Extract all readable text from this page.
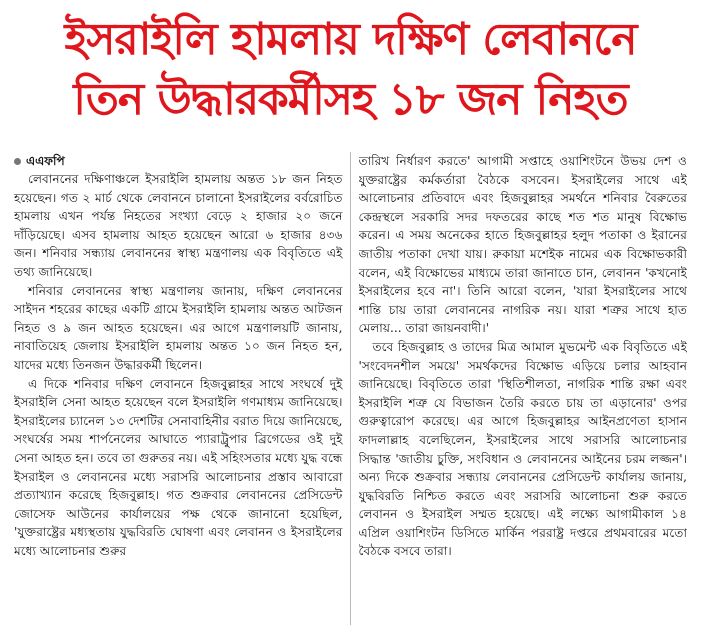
ইসরাইলি হামলায় দক্ষিণ লেবাননে
তিন উদ্ধারকর্মীসহ ১৮ জন নিহত
এএফপি

লেবাননের দক্ষিণাঞ্চলে ইসরাইলি হামলায় অন্তত ১৮ জন নিহত হয়েছেন। গত ২ মার্চ থেকে লেবাননে চালানো ইসরাইলের বর্বরোচিত হামলায় এখন পর্যন্ত নিহতের সংখ্যা বেড়ে ২ হাজার ২০ জনে দাঁড়িয়েছে। এসব হামলায় আহত হয়েছেন আরো ৬ হাজার ৪৩৬ জন। শনিবার সন্ধ্যায় লেবাননের স্বাস্থ্য মন্ত্রণালয় এক বিবৃতিতে এই তথ্য জানিয়েছে।

শনিবার লেবাননের স্বাস্থ্য মন্ত্রণালয় জানায়, দক্ষিণ লেবাননের সাইদন শহরের কাছের একটি গ্রামে ইসরাইলি হামলায় অন্তত আটজন নিহত ও ৯ জন আহত হয়েছেন। এর আগে মন্ত্রণালয়টি জানায়, নাবাতিয়েহ জেলায় ইসরাইলি হামলায় অন্তত ১০ জন নিহত হন, যাদের মধ্যে তিনজন উদ্ধারকর্মী ছিলেন।

এ দিকে শনিবার দক্ষিণ লেবাননে হিজবুল্লাহর সাথে সংঘর্ষে দুই ইসরাইলি সেনা আহত হয়েছেন বলে ইসরাইলি গণমাধ্যম জানিয়েছে। ইসরাইলের চ্যানেল ১৩ দেশটির সেনাবাহিনীর বরাত দিয়ে জানিয়েছে, সংঘর্ষের সময় শার্পনেলের আঘাতে প্যারাট্রুপার ব্রিগেডের ওই দুই সেনা আহত হন। তবে তা গুরুতর নয়। এই সহিংসতার মধ্যে যুদ্ধ বন্ধে ইসরাইল ও লেবাননের মধ্যে সরাসরি আলোচনার প্রস্তাব আবারো প্রত্যাখ্যান করেছে হিজবুল্লাহ। গত শুক্রবার লেবাননের প্রেসিডেন্ট জোসেফ আউনের কার্যালয়ের পক্ষ থেকে জানানো হয়েছিল, 'যুক্তরাষ্ট্রের মধ্যস্থতায় যুদ্ধবিরতি ঘোষণা এবং লেবানন ও ইসরাইলের মধ্যে আলোচনার শুরুর

তারিখ নির্ধারণ করতে' আগামী সপ্তাহে ওয়াশিংটনে উভয় দেশ ও যুক্তরাষ্ট্রের কর্মকর্তারা বৈঠকে বসবেন। ইসরাইলের সাথে এই আলোচনার প্রতিবাদে এবং হিজবুল্লাহর সমর্থনে শনিবার বৈরুতের কেন্দ্রস্থলে সরকারি সদর দফতরের কাছে শত শত মানুষ বিক্ষোভ করেন। এ সময় অনেকের হাতে হিজবুল্লাহর হলুদ পতাকা ও ইরানের জাতীয় পতাকা দেখা যায়। রুকায়া মশেইক নামের এক বিক্ষোভকারী বলেন, এই বিক্ষোভের মাধ্যমে তারা জানাতে চান, লেবানন 'কখনোই ইসরাইলের হবে না'। তিনি আরো বলেন, 'যারা ইসরাইলের সাথে শান্তি চায় তারা লেবাননের নাগরিক নয়। যারা শত্রুর সাথে হাত মেলায়... তারা জায়নবাদী।'

তবে হিজবুল্লাহ ও তাদের মিত্র আমাল মুভমেন্ট এক বিবৃতিতে এই 'সংবেদনশীল সময়ে' সমর্থকদের বিক্ষোভ এড়িয়ে চলার আহবান জানিয়েছে। বিবৃতিতে তারা 'স্থিতিশীলতা, নাগরিক শান্তি রক্ষা এবং ইসরাইলি শত্রু যে বিভাজন তৈরি করতে চায় তা এড়ানোর' ওপর গুরুত্বারোপ করেছে। এর আগে হিজবুল্লাহর আইনপ্রণেতা হাসান ফাদলাল্লাহ বলেছিলেন, ইসরাইলের সাথে সরাসরি আলোচনার সিদ্ধান্ত 'জাতীয় চুক্তি, সংবিধান ও লেবাননের আইনের চরম লজ্জন'। অন্য দিকে শুক্রবার সন্ধ্যায় লেবাননের প্রেসিডেন্ট কার্যালয় জানায়, যুদ্ধবিরতি নিশ্চিত করতে এবং সরাসরি আলোচনা শুরু করতে লেবানন ও ইসরাইল সম্মত হয়েছে। এই লক্ষ্যে আগামীকাল ১৪ এপ্রিল ওয়াশিংটন ডিসিতে মার্কিন পররাষ্ট্র দপ্তরে প্রথমবারের মতো বৈঠকে বসবে তারা।
